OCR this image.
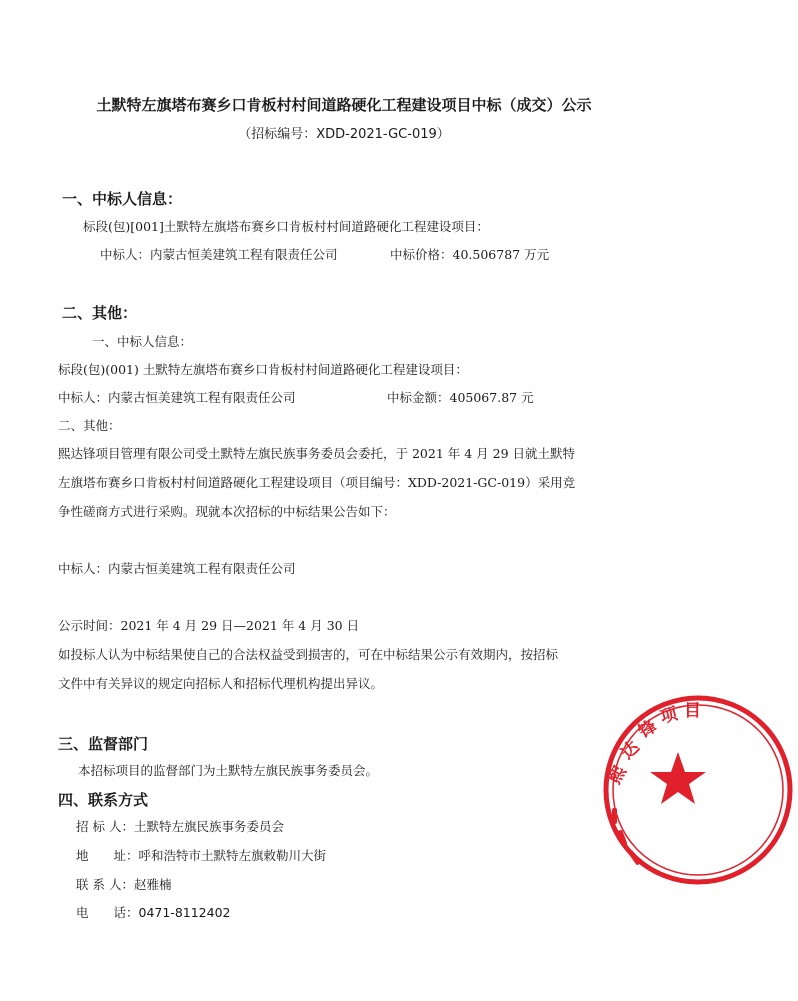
土默特左旗塔布赛乡口肯板村村间道路硬化工程建设项目中标（成交）公示
（招标编号：XDD-2021-GC-019）
一、中标人信息：
标段(包)[001]土默特左旗塔布赛乡口肯板村村间道路硬化工程建设项目：
中标人：内蒙古恒美建筑工程有限责任公司	中标价格：40.506787 万元
二、其他：
一、中标人信息：
标段(包)(001) 土默特左旗塔布赛乡口肯板村村间道路硬化工程建设项目：
中标人：内蒙古恒美建筑工程有限责任公司	中标金额：405067.87 元
二、其他：
熙达锋项目管理有限公司受土默特左旗民族事务委员会委托，于 2021 年 4 月 29 日就土默特
左旗塔布赛乡口肯板村村间道路硬化工程建设项目（项目编号：XDD-2021-GC-019）采用竞
争性磋商方式进行采购。现就本次招标的中标结果公告如下：
中标人：内蒙古恒美建筑工程有限责任公司
公示时间：2021 年 4 月 29 日—2021 年 4 月 30 日
如投标人认为中标结果使自己的合法权益受到损害的，可在中标结果公示有效期内，按招标
文件中有关异议的规定向招标人和招标代理机构提出异议。
三、监督部门
本招标项目的监督部门为土默特左旗民族事务委员会。
四、联系方式
招 标 人：土默特左旗民族事务委员会
地　　址：呼和浩特市土默特左旗敕勒川大街
联 系 人：赵雅楠
电　　话：0471-8112402
熙
达
锋
项 目
